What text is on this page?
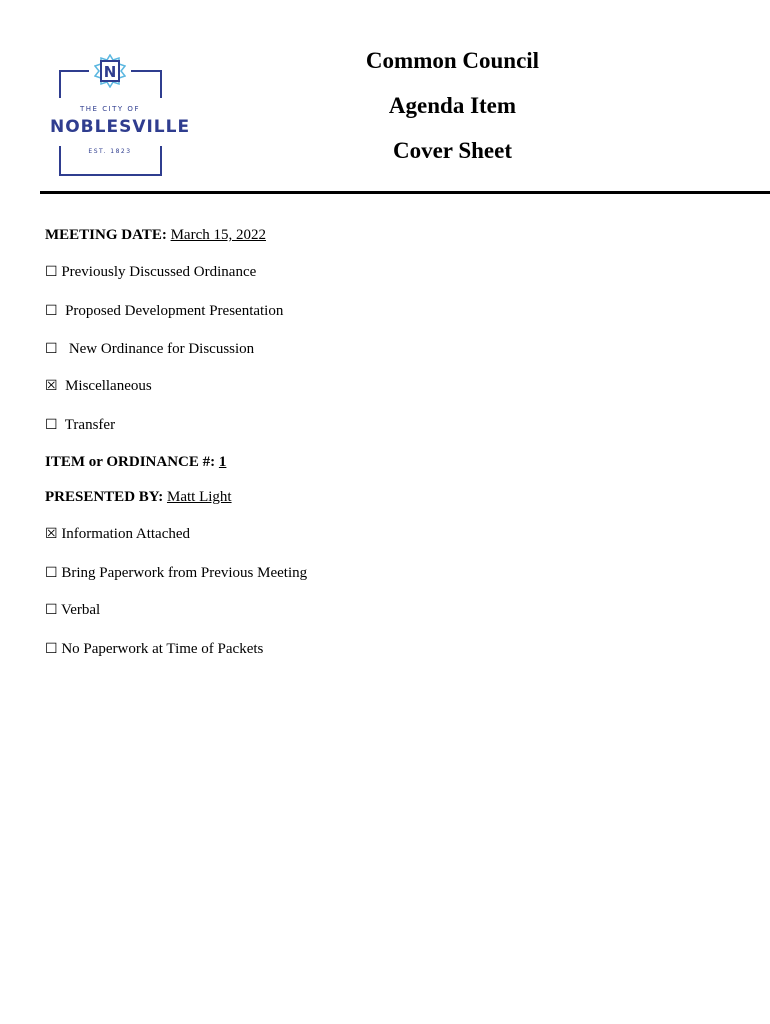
N
THE CITY OF
NOBLESVILLE
EST. 1823
Common Council
Agenda Item
Cover Sheet
MEETING DATE: March 15, 2022
☐ Previously Discussed Ordinance
☐ Proposed Development Presentation
☐ New Ordinance for Discussion
☒ Miscellaneous
☐ Transfer
ITEM or ORDINANCE #: 1
PRESENTED BY: Matt Light
☒ Information Attached
☐ Bring Paperwork from Previous Meeting
☐ Verbal
☐ No Paperwork at Time of Packets
